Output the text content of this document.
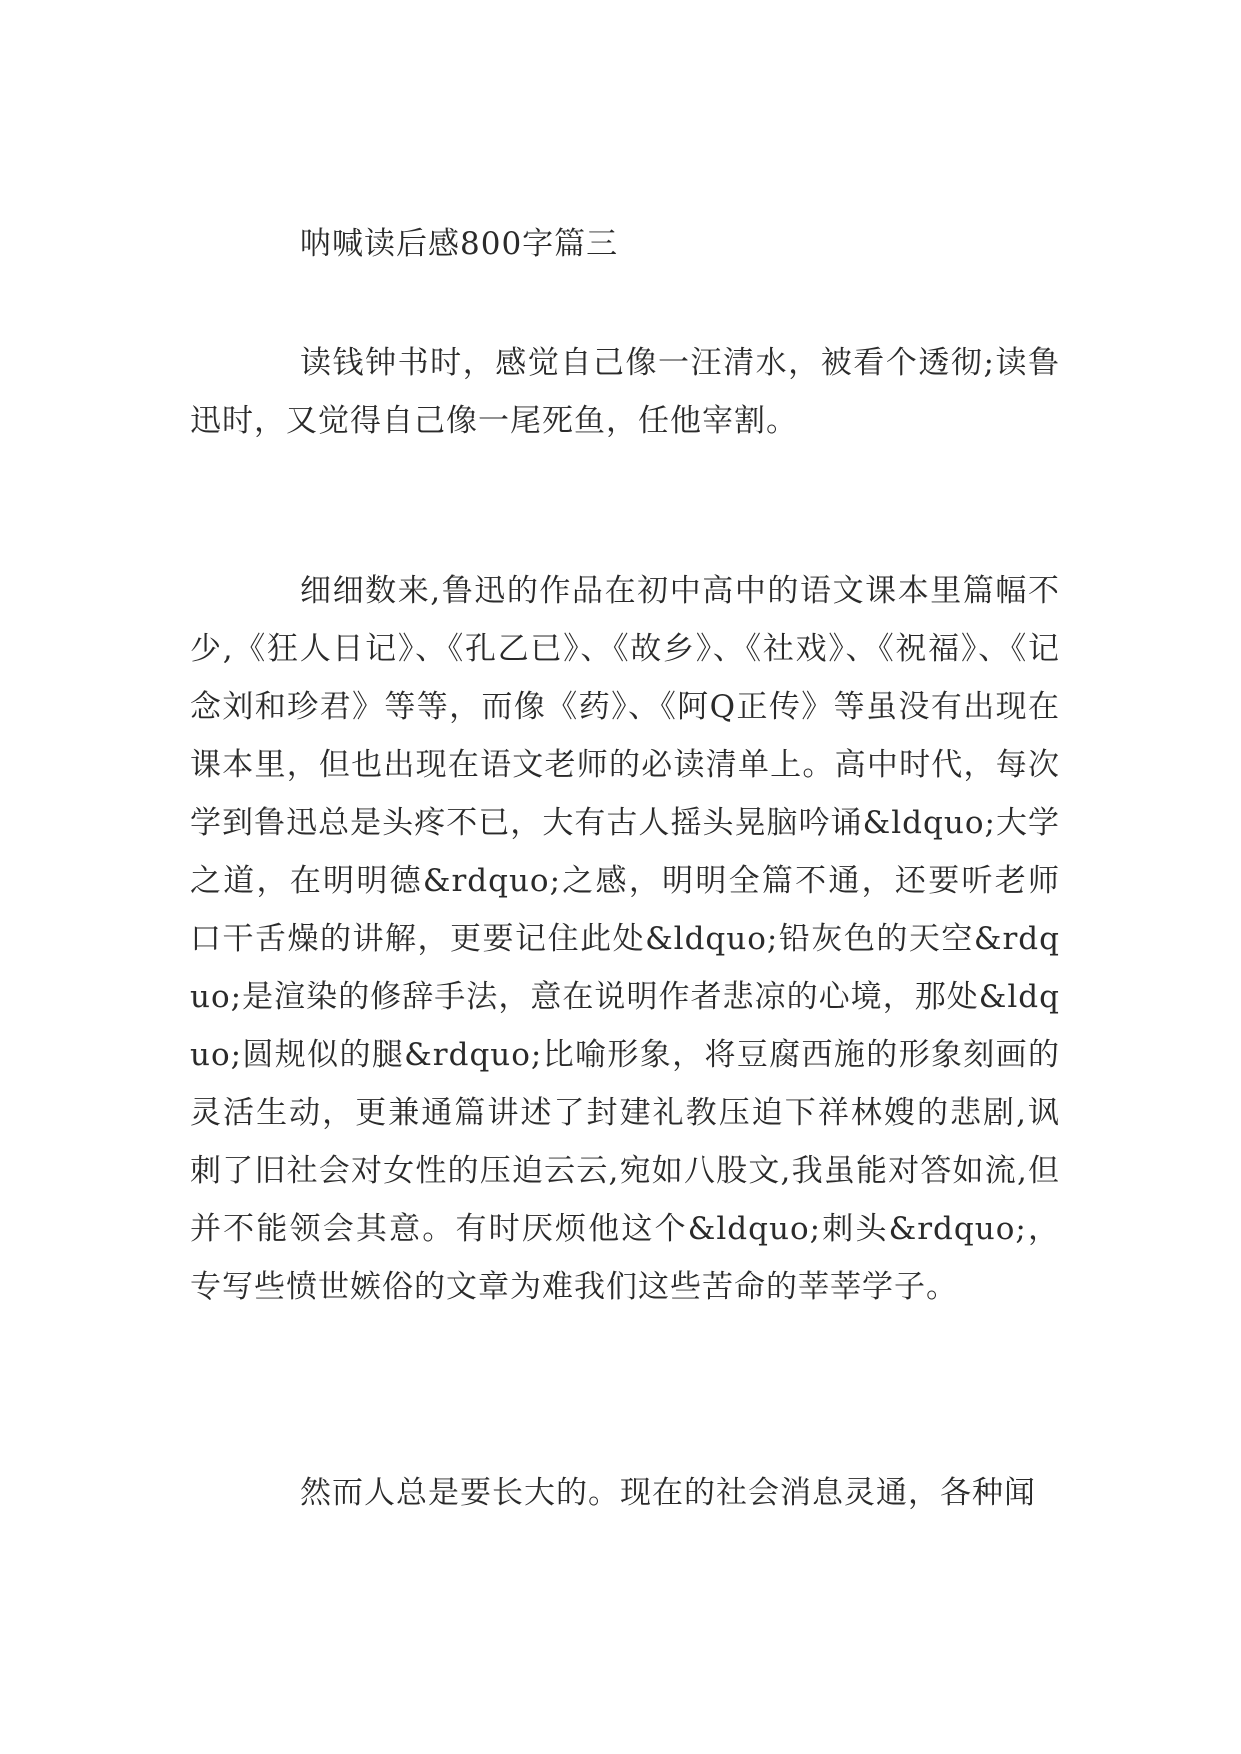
呐喊读后感800字篇三

读钱钟书时，感觉自己像一汪清水，被看个透彻;读鲁迅时，又觉得自己像一尾死鱼，任他宰割。

细细数来,鲁迅的作品在初中高中的语文课本里篇幅不少,《狂人日记》、《孔乙已》、《故乡》、《社戏》、《祝福》、《记念刘和珍君》等等，而像《药》、《阿Q正传》等虽没有出现在课本里，但也出现在语文老师的必读清单上。高中时代，每次学到鲁迅总是头疼不已，大有古人摇头晃脑吟诵&ldquo;大学之道，在明明德&rdquo;之感，明明全篇不通，还要听老师口干舌燥的讲解，更要记住此处&ldquo;铅灰色的天空&rdquo;是渲染的修辞手法，意在说明作者悲凉的心境，那处&ldquo;圆规似的腿&rdquo;比喻形象，将豆腐西施的形象刻画的灵活生动，更兼通篇讲述了封建礼教压迫下祥林嫂的悲剧,讽刺了旧社会对女性的压迫云云,宛如八股文,我虽能对答如流,但并不能领会其意。有时厌烦他这个&ldquo;刺头&rdquo;，专写些愤世嫉俗的文章为难我们这些苦命的莘莘学子。

然而人总是要长大的。现在的社会消息灵通，各种闻
